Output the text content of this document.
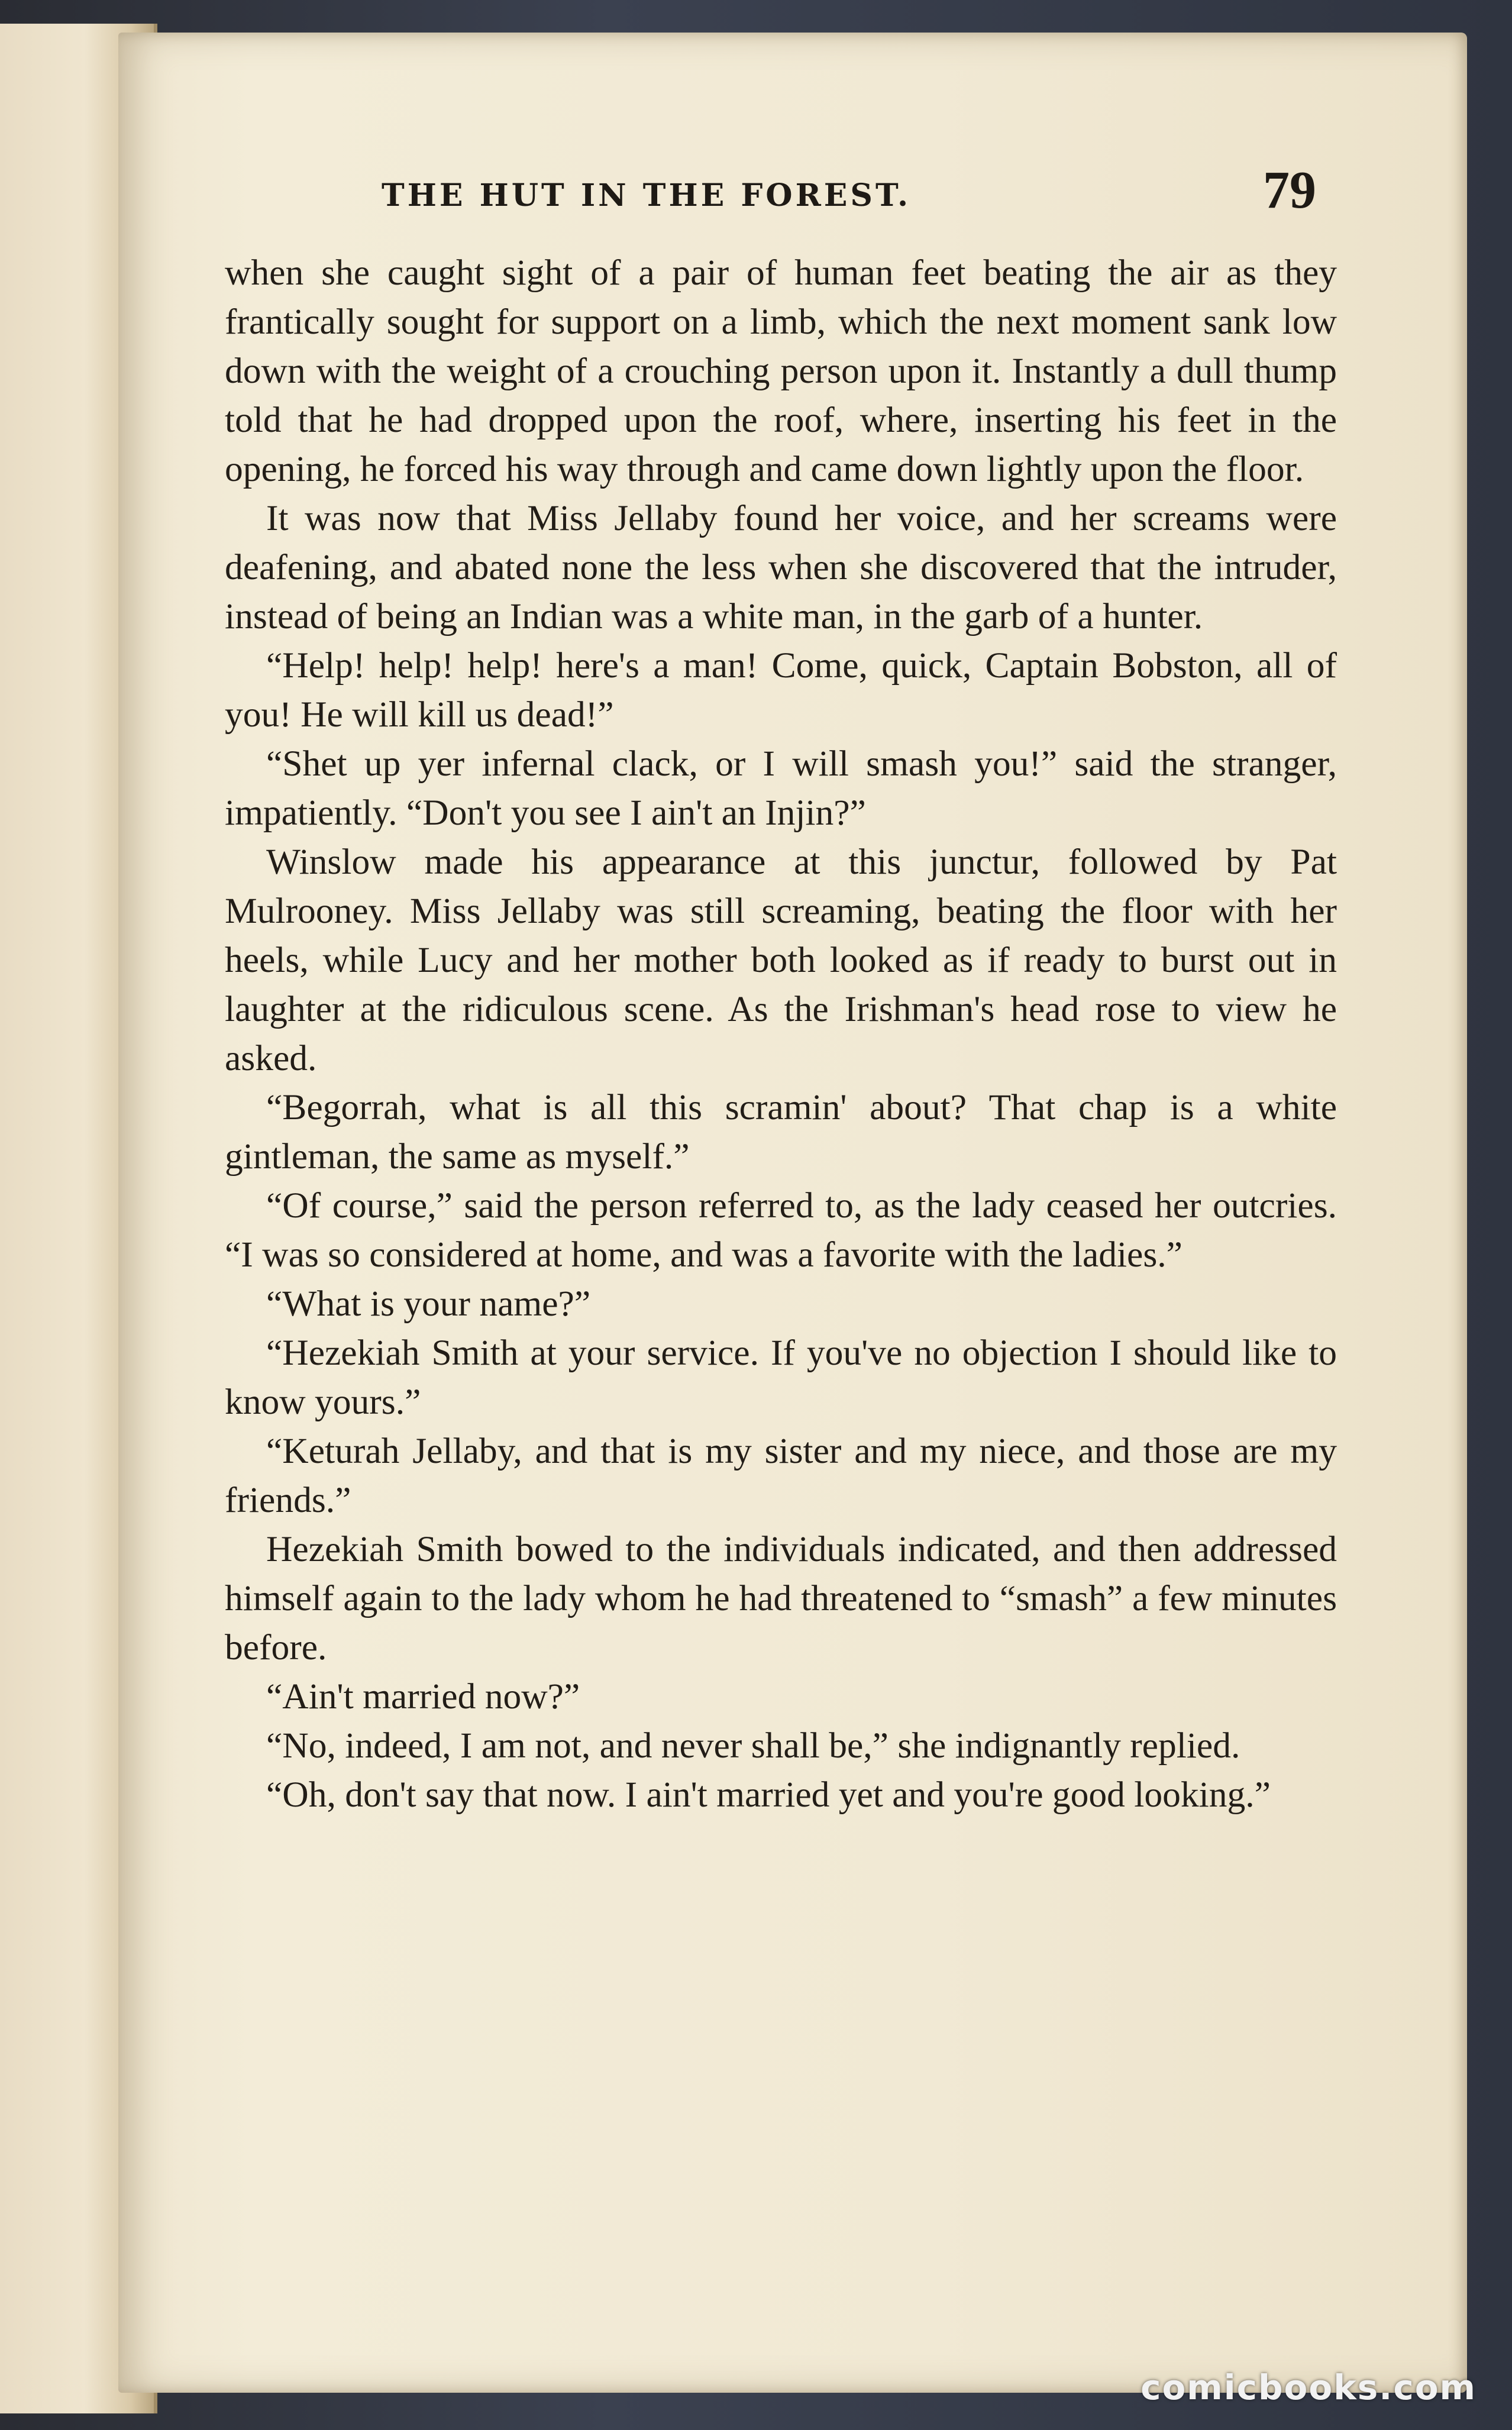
THE HUT IN THE FOREST.	79

when she caught sight of a pair of human feet beating the air as they frantically sought for support on a limb, which the next moment sank low down with the weight of a crouching person upon it. Instantly a dull thump told that he had dropped upon the roof, where, inserting his feet in the opening, he forced his way through and came down lightly upon the floor.

It was now that Miss Jellaby found her voice, and her screams were deafening, and abated none the less when she discovered that the intruder, instead of being an Indian was a white man, in the garb of a hunter.

“Help! help! help! here's a man! Come, quick, Captain Bobston, all of you! He will kill us dead!”

“Shet up yer infernal clack, or I will smash you!” said the stranger, impatiently. “Don't you see I ain't an Injin?”

Winslow made his appearance at this junctur, followed by Pat Mulrooney. Miss Jellaby was still screaming, beating the floor with her heels, while Lucy and her mother both looked as if ready to burst out in laughter at the ridiculous scene. As the Irishman's head rose to view he asked.

“Begorrah, what is all this scramin' about? That chap is a white gintleman, the same as myself.”

“Of course,” said the person referred to, as the lady ceased her outcries. “I was so considered at home, and was a favorite with the ladies.”

“What is your name?”

“Hezekiah Smith at your service. If you've no objection I should like to know yours.”

“Keturah Jellaby, and that is my sister and my niece, and those are my friends.”

Hezekiah Smith bowed to the individuals indicated, and then addressed himself again to the lady whom he had threatened to “smash” a few minutes before.

“Ain't married now?”

“No, indeed, I am not, and never shall be,” she indignantly replied.

“Oh, don't say that now. I ain't married yet and you're good looking.”

comicbooks.com
